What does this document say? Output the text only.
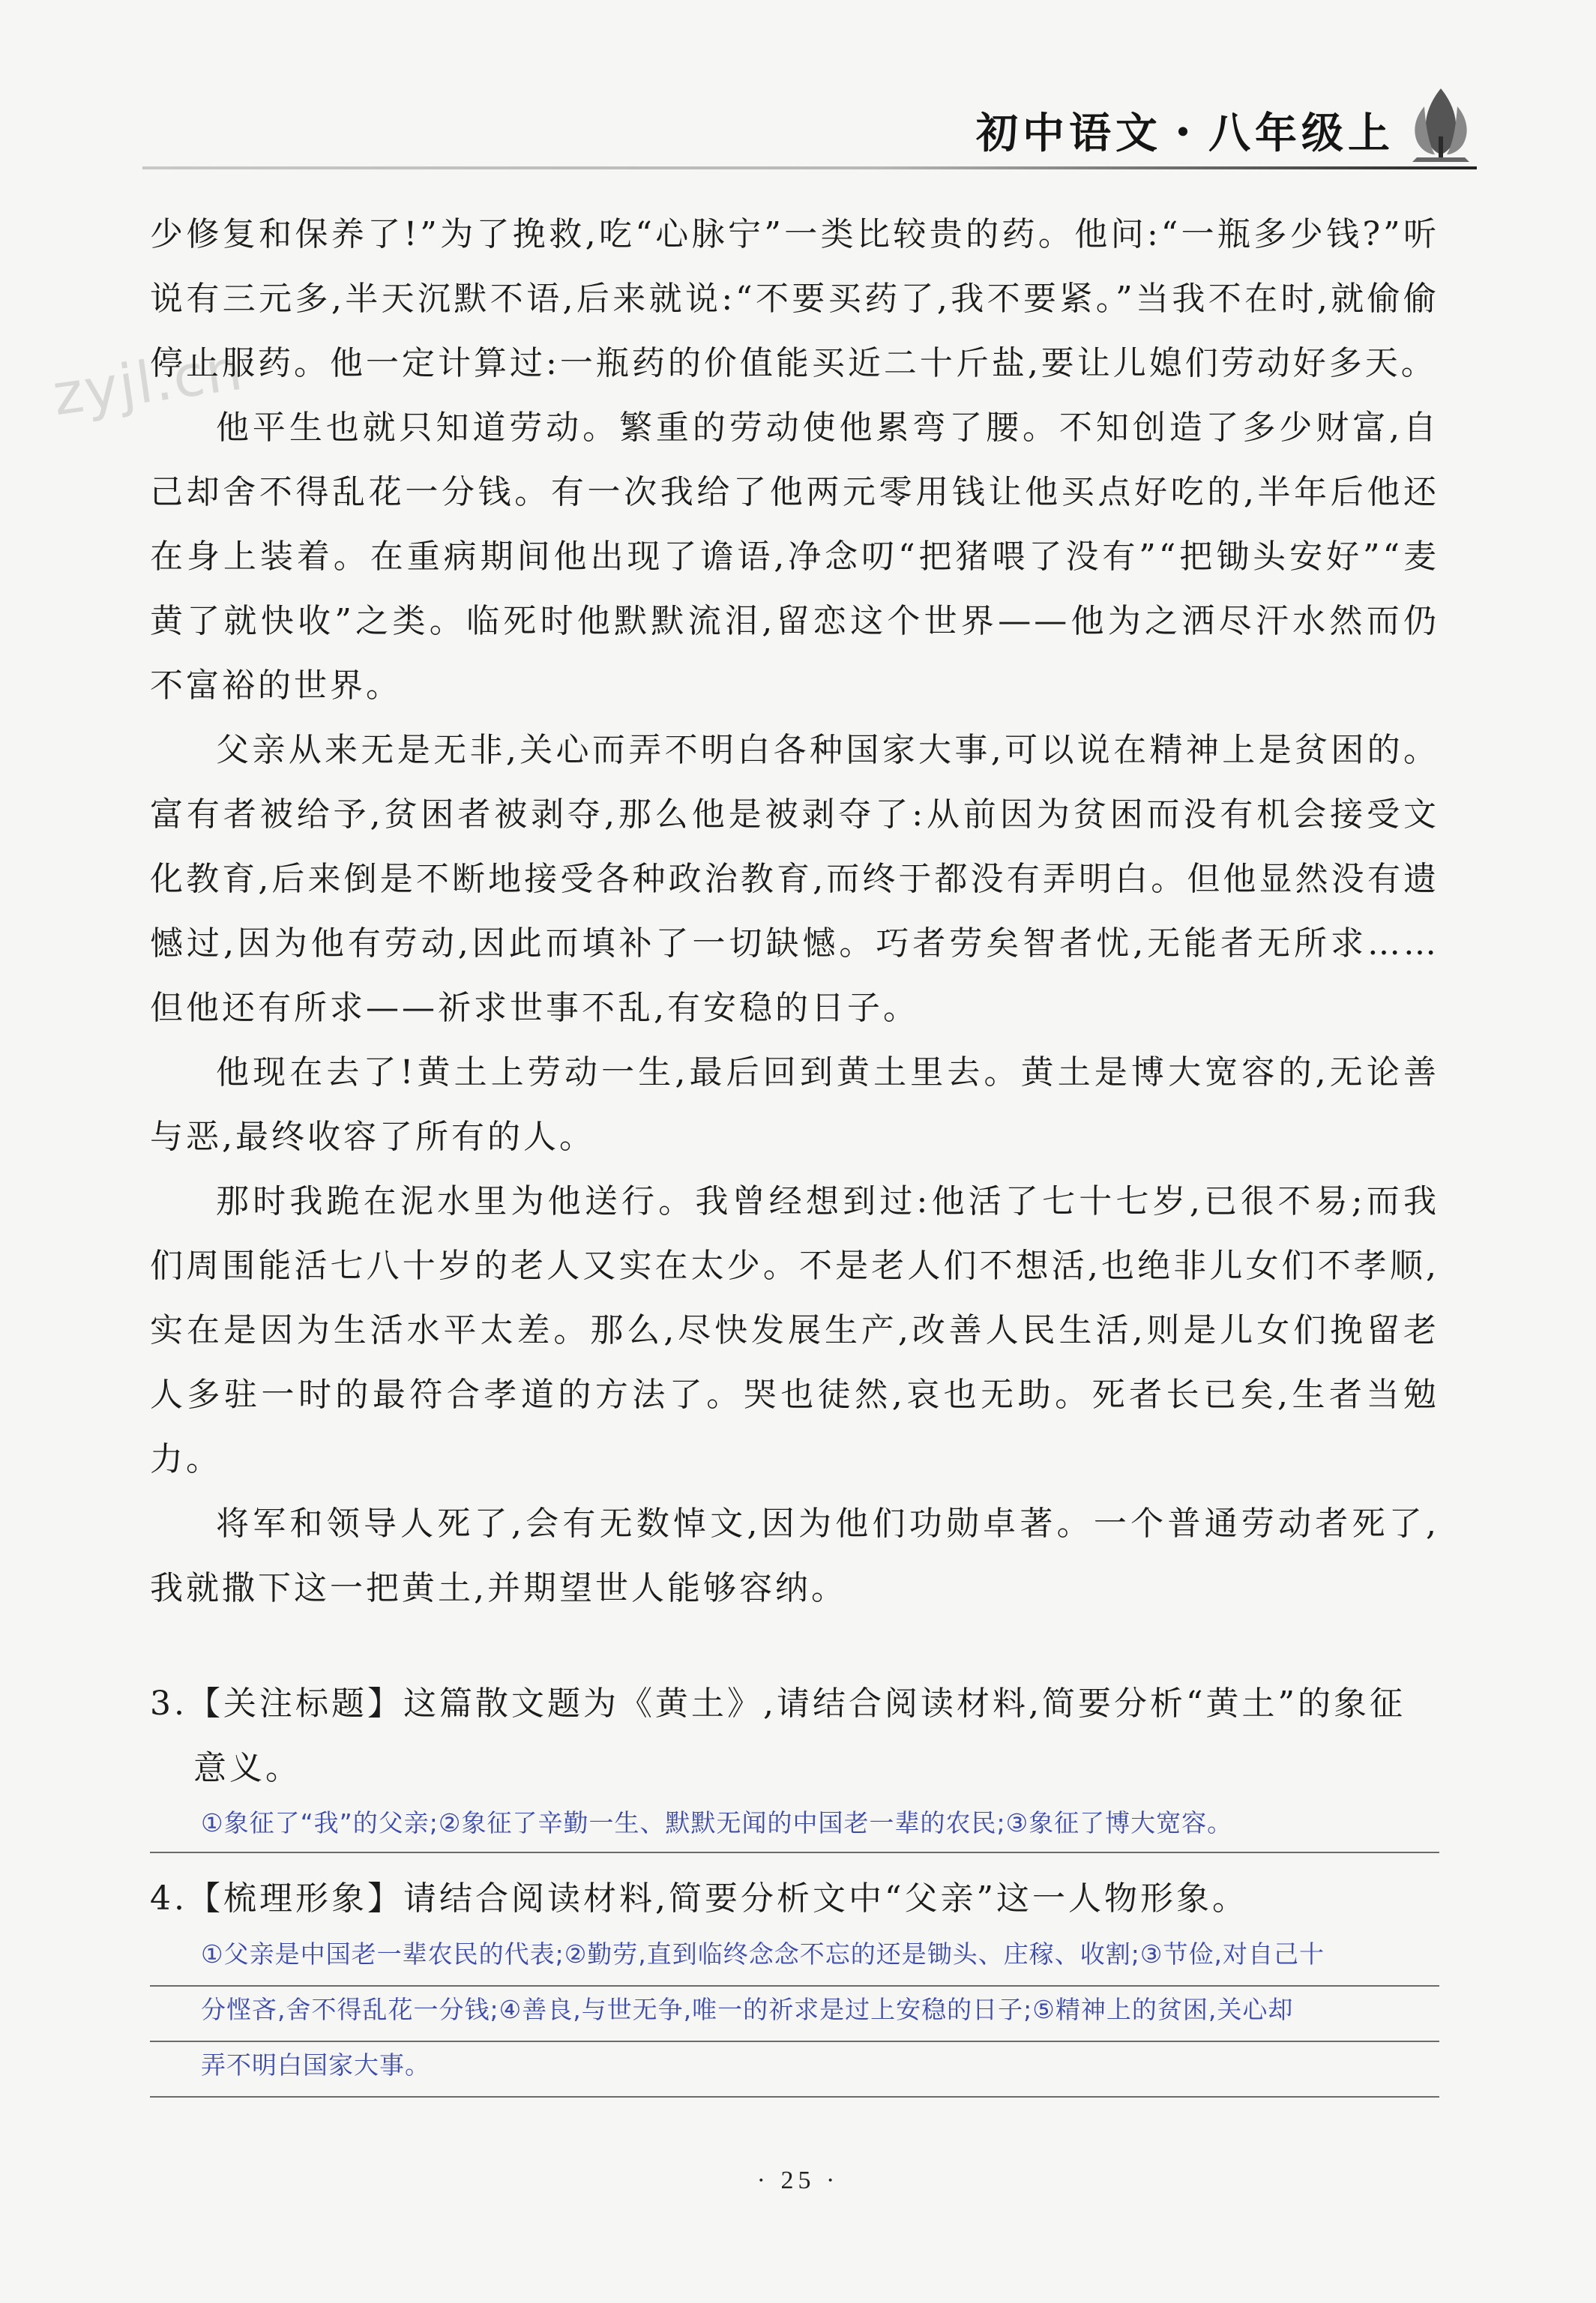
初中语文・八年级上
zyjl.cn

少修复和保养了!”为了挽救,吃“心脉宁”一类比较贵的药。他问:“一瓶多少钱?”听说有三元多,半天沉默不语,后来就说:“不要买药了,我不要紧。”当我不在时,就偷偷停止服药。他一定计算过:一瓶药的价值能买近二十斤盐,要让儿媳们劳动好多天。

他平生也就只知道劳动。繁重的劳动使他累弯了腰。不知创造了多少财富,自己却舍不得乱花一分钱。有一次我给了他两元零用钱让他买点好吃的,半年后他还在身上装着。在重病期间他出现了谵语,净念叨“把猪喂了没有”“把锄头安好”“麦黄了就快收”之类。临死时他默默流泪,留恋这个世界——他为之洒尽汗水然而仍不富裕的世界。

父亲从来无是无非,关心而弄不明白各种国家大事,可以说在精神上是贫困的。富有者被给予,贫困者被剥夺,那么他是被剥夺了:从前因为贫困而没有机会接受文化教育,后来倒是不断地接受各种政治教育,而终于都没有弄明白。但他显然没有遗憾过,因为他有劳动,因此而填补了一切缺憾。巧者劳矣智者忧,无能者无所求……但他还有所求——祈求世事不乱,有安稳的日子。

他现在去了!黄土上劳动一生,最后回到黄土里去。黄土是博大宽容的,无论善与恶,最终收容了所有的人。

那时我跪在泥水里为他送行。我曾经想到过:他活了七十七岁,已很不易;而我们周围能活七八十岁的老人又实在太少。不是老人们不想活,也绝非儿女们不孝顺,实在是因为生活水平太差。那么,尽快发展生产,改善人民生活,则是儿女们挽留老人多驻一时的最符合孝道的方法了。哭也徒然,哀也无助。死者长已矣,生者当勉力。

将军和领导人死了,会有无数悼文,因为他们功勋卓著。一个普通劳动者死了,我就撒下这一把黄土,并期望世人能够容纳。

3.【关注标题】这篇散文题为《黄土》,请结合阅读材料,简要分析“黄土”的象征
意义。
①象征了“我”的父亲;②象征了辛勤一生、默默无闻的中国老一辈的农民;③象征了博大宽容。
4.【梳理形象】请结合阅读材料,简要分析文中“父亲”这一人物形象。
①父亲是中国老一辈农民的代表;②勤劳,直到临终念念不忘的还是锄头、庄稼、收割;③节俭,对自己十
分悭吝,舍不得乱花一分钱;④善良,与世无争,唯一的祈求是过上安稳的日子;⑤精神上的贫困,关心却
弄不明白国家大事。
· 25 ·
